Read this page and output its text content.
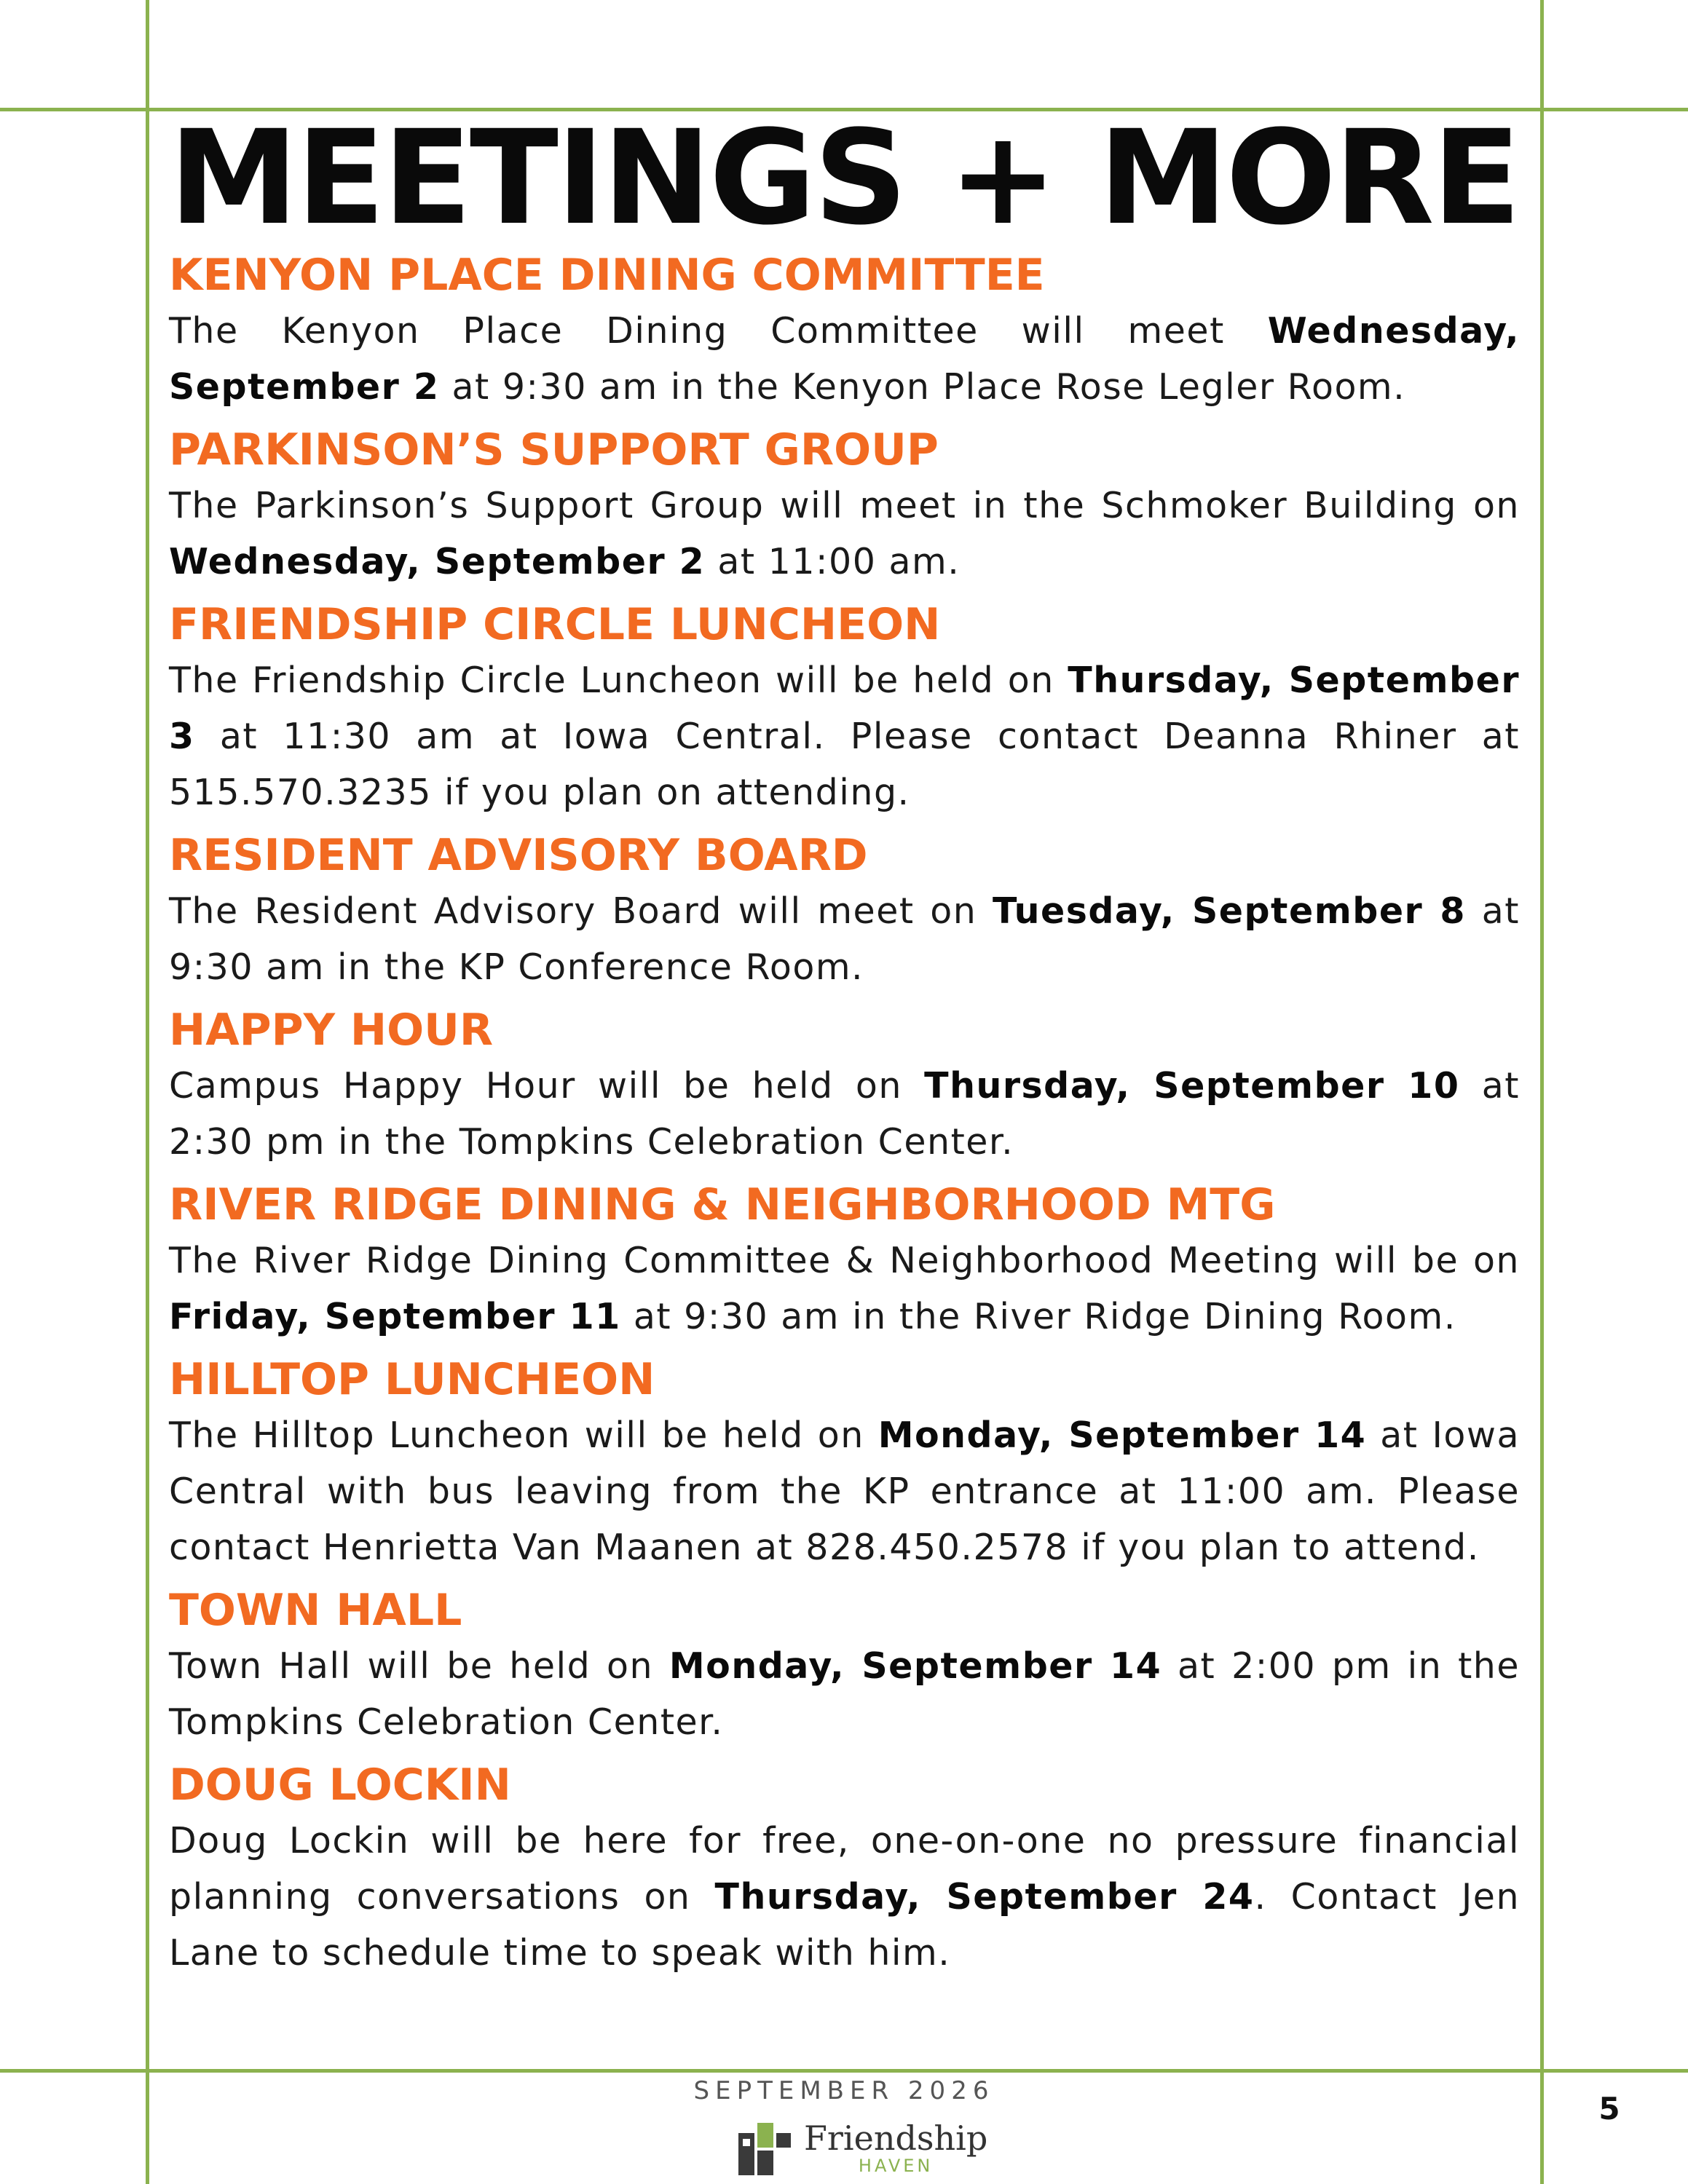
MEETINGS + MORE
KENYON PLACE DINING COMMITTEE

The Kenyon Place Dining Committee will meet Wednesday, September 2 at 9:30 am in the Kenyon Place Rose Legler Room.

PARKINSON’S SUPPORT GROUP

The Parkinson’s Support Group will meet in the Schmoker Building on Wednesday, September 2 at 11:00 am.

FRIENDSHIP CIRCLE LUNCHEON

The Friendship Circle Luncheon will be held on Thursday, September 3 at 11:30 am at Iowa Central. Please contact Deanna Rhiner at 515.570.3235 if you plan on attending.

RESIDENT ADVISORY BOARD

The Resident Advisory Board will meet on Tuesday, September 8 at 9:30 am in the KP Conference Room.

HAPPY HOUR

Campus Happy Hour will be held on Thursday, September 10 at 2:30 pm in the Tompkins Celebration Center.

RIVER RIDGE DINING & NEIGHBORHOOD MTG

The River Ridge Dining Committee & Neighborhood Meeting will be on Friday, September 11 at 9:30 am in the River Ridge Dining Room.

HILLTOP LUNCHEON

The Hilltop Luncheon will be held on Monday, September 14 at Iowa Central with bus leaving from the KP entrance at 11:00 am. Please contact Henrietta Van Maanen at 828.450.2578 if you plan to attend.

TOWN HALL

Town Hall will be held on Monday, September 14 at 2:00 pm in the Tompkins Celebration Center.

DOUG LOCKIN

Doug Lockin will be here for free, one-on-one no pressure financial planning conversations on Thursday, September 24. Contact Jen Lane to schedule time to speak with him.

SEPTEMBER 2026
Friendship
HAVEN
5
